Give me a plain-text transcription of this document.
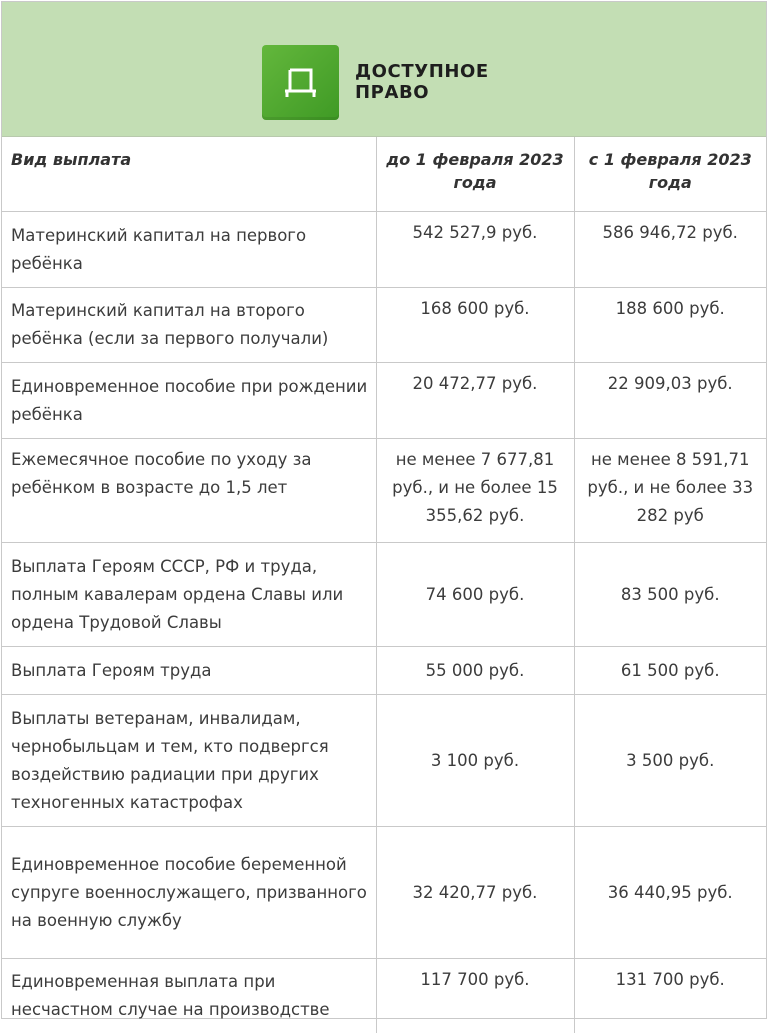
ДОСТУПНОЕ
ПРАВО
Вид выплата	до 1 февраля 2023 года	с 1 февраля 2023 года
Материнский капитал на первого ребёнка	542 527,9 руб.	586 946,72 руб.
Материнский капитал на второго ребёнка (если за первого получали)	168 600 руб.	188 600 руб.
Единовременное пособие при рождении ребёнка	20 472,77 руб.	22 909,03 руб.
Ежемесячное пособие по уходу за ребёнком в возрасте до 1,5 лет	не менее 7 677,81 руб., и не более 15 355,62 руб.	не менее 8 591,71 руб., и не более 33 282 руб
Выплата Героям СССР, РФ и труда, полным кавалерам ордена Славы или ордена Трудовой Славы	74 600 руб.	83 500 руб.
Выплата Героям труда	55 000 руб.	61 500 руб.
Выплаты ветеранам, инвалидам, чернобыльцам и тем, кто подвергся воздействию радиации при других техногенных катастрофах	3 100 руб.	3 500 руб.
Единовременное пособие беременной супруге военнослужащего, призванного на военную службу	32 420,77 руб.	36 440,95 руб.
Единовременная выплата при несчастном случае на производстве	117 700 руб.	131 700 руб.
